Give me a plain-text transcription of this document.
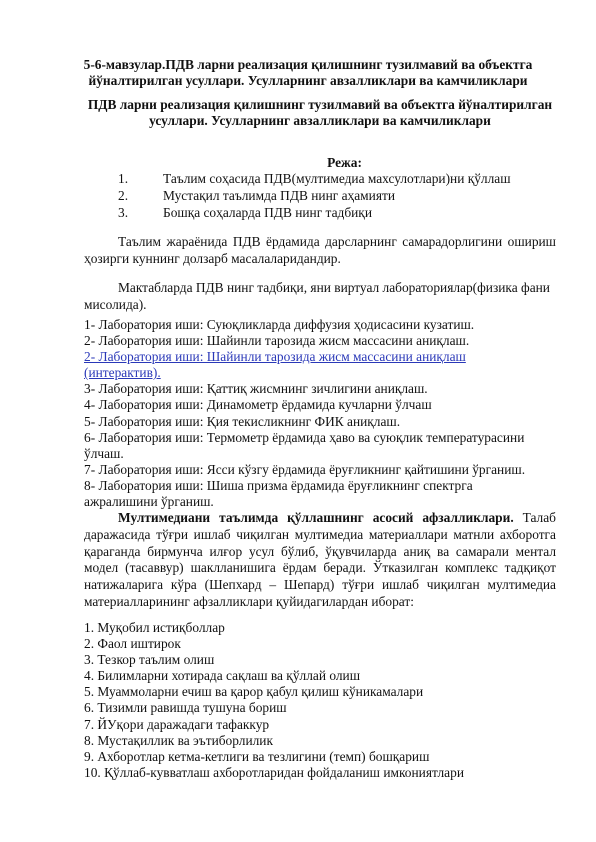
5-6-мавзулар.ПДВ ларни реализация қилишнинг тузилмавий ва объектга йўналтирилган усуллари. Усулларнинг авзалликлари ва камчиликлари
ПДВ ларни реализация қилишнинг тузилмавий ва объектга йўналтирилган усуллари. Усулларнинг авзалликлари ва камчиликлари
Режа:
1.	Таълим соҳасида ПДВ(мултимедиа махсулотлари)ни қўллаш
2.	Мустақил таълимда ПДВ нинг аҳамияти
3.	Бошқа соҳаларда ПДВ нинг тадбиқи
Таълим жараёнида ПДВ ёрдамида дарсларнинг самарадорлигини ошириш ҳозирги куннинг долзарб масалаларидандир.
Мактабларда ПДВ нинг тадбиқи, яни виртуал лабораториялар(физика фани мисолида).
1- Лаборатория иши: Суюқликларда диффузия ҳодисасини кузатиш.
2- Лаборатория иши: Шайинли тарозида жисм массасини аниқлаш.
2- Лаборатория иши: Шайинли тарозида жисм массасини аниқлаш
(интерактив).
3- Лаборатория иши: Қаттиқ жисмнинг зичлигини аниқлаш.
4- Лаборатория иши: Динамометр ёрдамида кучларни ўлчаш
5- Лаборатория иши: Қия текисликнинг ФИК аниқлаш.
6- Лаборатория иши: Термометр ёрдамида ҳаво ва суюқлик температурасини
ўлчаш.
7- Лаборатория иши: Ясси кўзгу ёрдамида ёруғликнинг қайтишини ўрганиш.
8- Лаборатория иши: Шиша призма ёрдамида ёруғликнинг спектрга
ажралишини ўрганиш.
Мултимедиани таълимда қўллашнинг асосий афзалликлари. Талаб даражасида тўғри ишлаб чиқилган мултимедиа материаллари матнли ахборотга қараганда бирмунча илғор усул бўлиб, ўқувчиларда аниқ ва самарали ментал модел (тасаввур) шаклланишига ёрдам беради. Ўтказилган комплекс тадқиқот натижаларига кўра (Шепхард – Шепард) тўғри ишлаб чиқилган мултимедиа материалларининг афзалликлари қуйидагилардан иборат:
1. Муқобил истиқболлар
2. Фаол иштирок
3. Тезкор таълим олиш
4. Билимларни хотирада сақлаш ва қўллай олиш
5. Муаммоларни ечиш ва қарор қабул қилиш кўникамалари
6. Тизимли равишда тушуна бориш
7. ЙУқори даражадаги тафаккур
8. Мустақиллик ва эътиборлилик
9. Ахборотлар кетма-кетлиги ва тезлигини (темп) бошқариш
10. Қўллаб-кувватлаш ахборотларидан фойдаланиш имкониятлари
